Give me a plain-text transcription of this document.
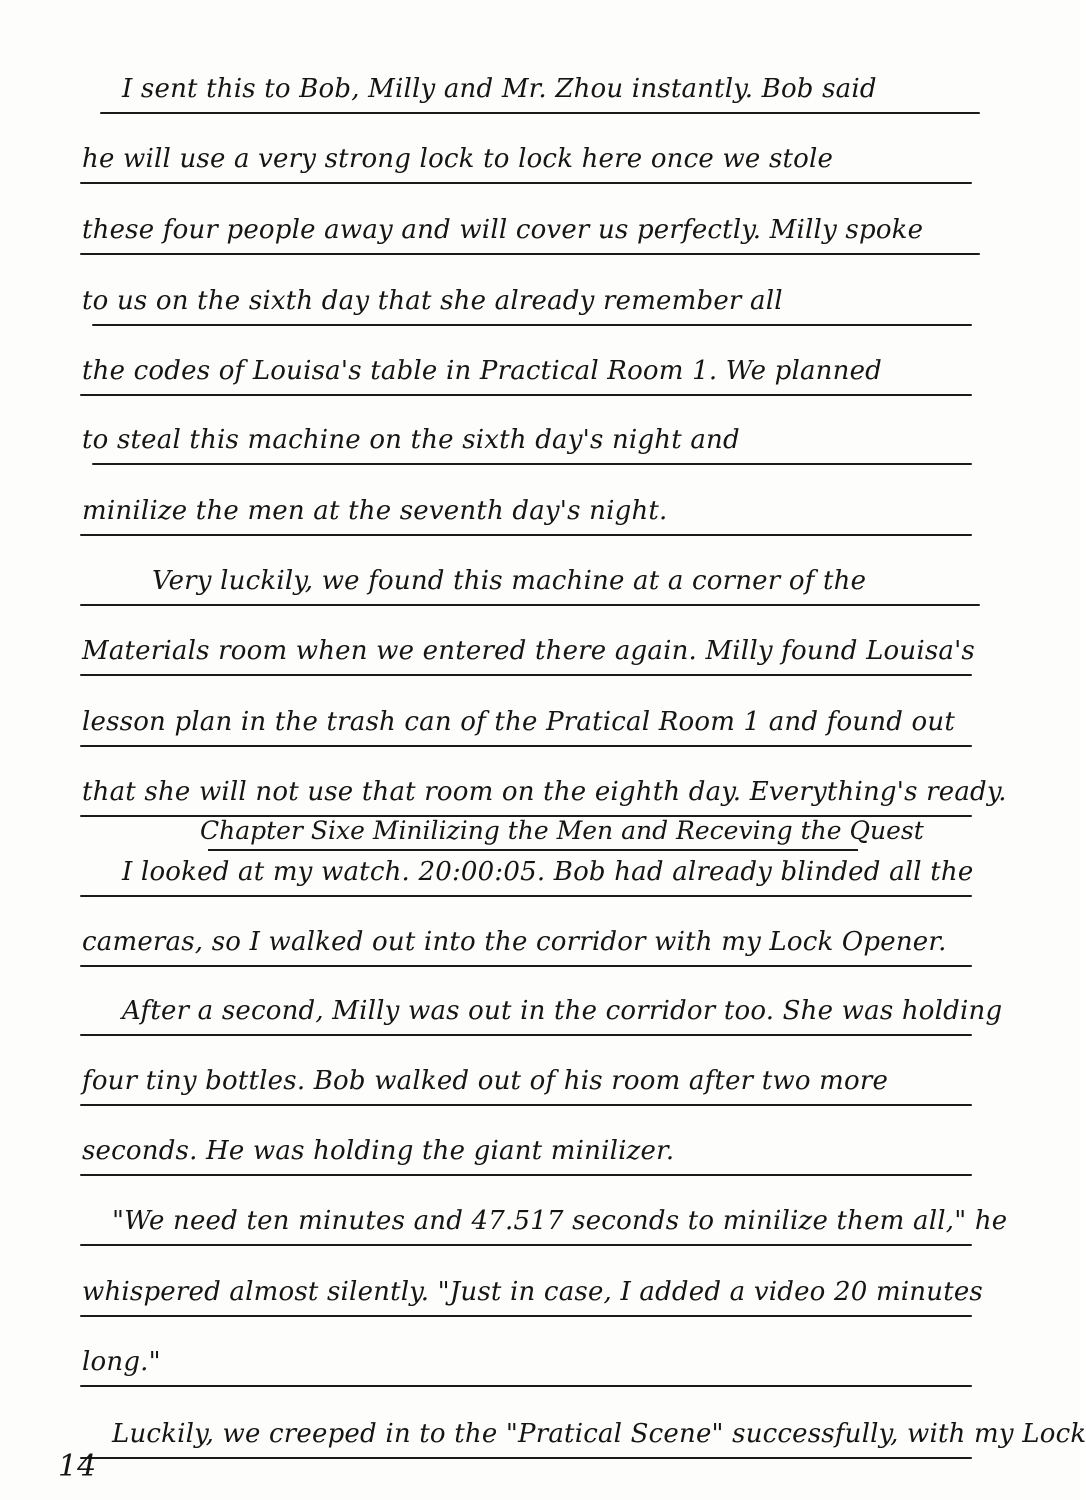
I sent this to Bob, Milly and Mr. Zhou instantly. Bob said
he will use a very strong lock to lock here once we stole
these four people away and will cover us perfectly. Milly spoke
to us on the sixth day that she already remember all
the codes of Louisa's table in Practical Room 1. We planned
to steal this machine on the sixth day's night and
minilize the men at the seventh day's night.
Very luckily, we found this machine at a corner of the
Materials room when we entered there again. Milly found Louisa's
lesson plan in the trash can of the Pratical Room 1 and found out
that she will not use that room on the eighth day. Everything's ready.
Chapter Sixe Minilizing the Men and Receving the Quest
I looked at my watch. 20:00:05. Bob had already blinded all the
cameras, so I walked out into the corridor with my Lock Opener.
After a second, Milly was out in the corridor too. She was holding
four tiny bottles. Bob walked out of his room after two more
seconds. He was holding the giant minilizer.
"We need ten minutes and 47.517 seconds to minilize them all," he
whispered almost silently. "Just in case, I added a video 20 minutes
long."
Luckily, we creeped in to the "Pratical Scene" successfully, with my Lock
14
